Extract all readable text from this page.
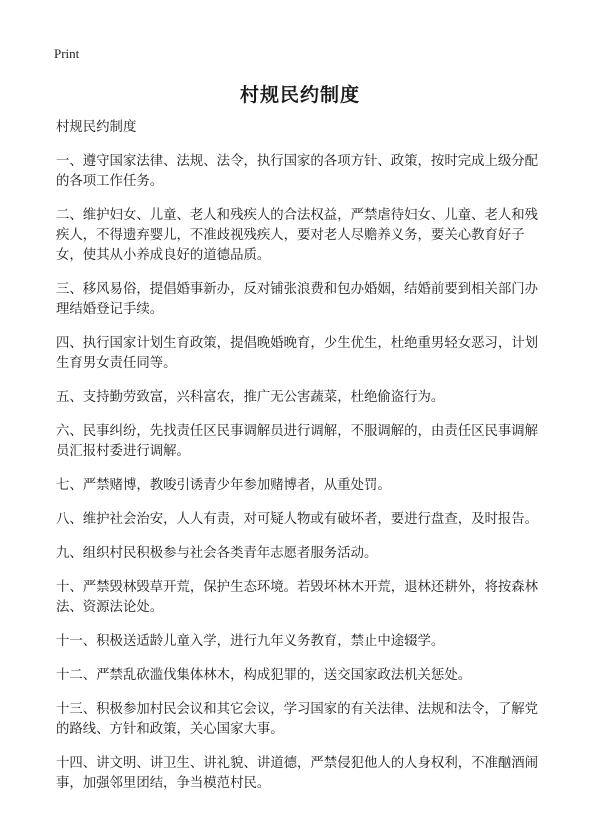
Print
村规民约制度

村规民约制度

一、遵守国家法律、法规、法令，执行国家的各项方针、政策，按时完成上级分配的各项工作任务。

二、维护妇女、儿童、老人和残疾人的合法权益，严禁虐待妇女、儿童、老人和残疾人，不得遗弃婴儿，不准歧视残疾人，要对老人尽赡养义务，要关心教育好子女，使其从小养成良好的道德品质。

三、移风易俗，提倡婚事新办，反对铺张浪费和包办婚姻，结婚前要到相关部门办理结婚登记手续。

四、执行国家计划生育政策，提倡晚婚晚育，少生优生，杜绝重男轻女恶习，计划生育男女责任同等。

五、支持勤劳致富，兴科富农，推广无公害蔬菜，杜绝偷盗行为。

六、民事纠纷，先找责任区民事调解员进行调解，不服调解的，由责任区民事调解员汇报村委进行调解。

七、严禁赌博，教唆引诱青少年参加赌博者，从重处罚。

八、维护社会治安，人人有责，对可疑人物或有破坏者，要进行盘查，及时报告。

九、组织村民积极参与社会各类青年志愿者服务活动。

十、严禁毁林毁草开荒，保护生态环境。若毁坏林木开荒，退林还耕外，将按森林法、资源法论处。

十一、积极送适龄儿童入学，进行九年义务教育，禁止中途辍学。

十二、严禁乱砍滥伐集体林木，构成犯罪的，送交国家政法机关惩处。

十三、积极参加村民会议和其它会议，学习国家的有关法律、法规和法令，了解党的路线、方针和政策，关心国家大事。

十四、讲文明、讲卫生、讲礼貌、讲道德，严禁侵犯他人的人身权利，不准酗酒闹事，加强邻里团结，争当模范村民。
